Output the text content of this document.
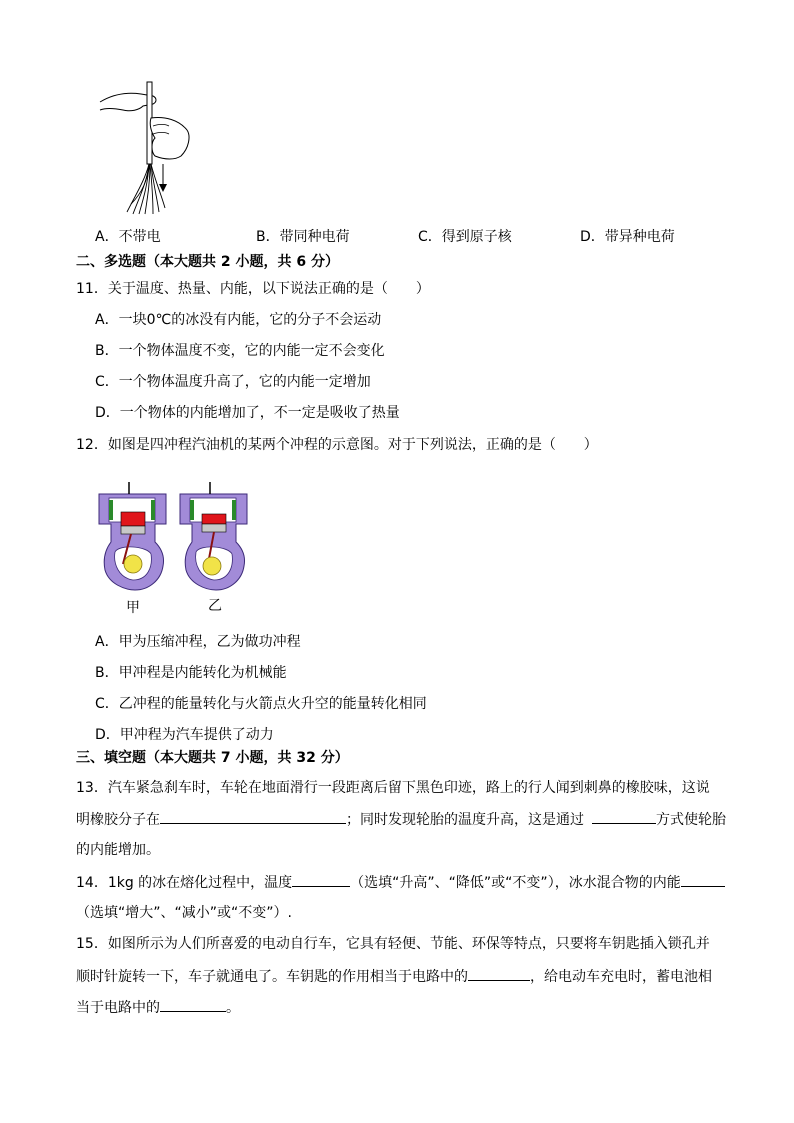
A．不带电	B．带同种电荷	C．得到原子核	D．带异种电荷
二、多选题（本大题共 2 小题，共 6 分）
11．关于温度、热量、内能，以下说法正确的是（　　）
A．一块0℃的冰没有内能，它的分子不会运动
B．一个物体温度不变，它的内能一定不会变化
C．一个物体温度升高了，它的内能一定增加
D．一个物体的内能增加了，不一定是吸收了热量
12．如图是四冲程汽油机的某两个冲程的示意图。对于下列说法，正确的是（　　）
甲	乙
A．甲为压缩冲程，乙为做功冲程
B．甲冲程是内能转化为机械能
C．乙冲程的能量转化与火箭点火升空的能量转化相同
D．甲冲程为汽车提供了动力
三、填空题（本大题共 7 小题，共 32 分）
13．汽车紧急刹车时，车轮在地面滑行一段距离后留下黑色印迹，路上的行人闻到刺鼻的橡胶味，这说
明橡胶分子在	；同时发现轮胎的温度升高，这是通过	方式使轮胎
的内能增加。
14．1kg 的冰在熔化过程中，温度	（选填“升高”、“降低”或“不变”），冰水混合物的内能
（选填“增大”、“减小”或“不变”）.
15．如图所示为人们所喜爱的电动自行车，它具有轻便、节能、环保等特点，只要将车钥匙插入锁孔并
顺时针旋转一下，车子就通电了。车钥匙的作用相当于电路中的	，给电动车充电时，蓄电池相
当于电路中的	。
